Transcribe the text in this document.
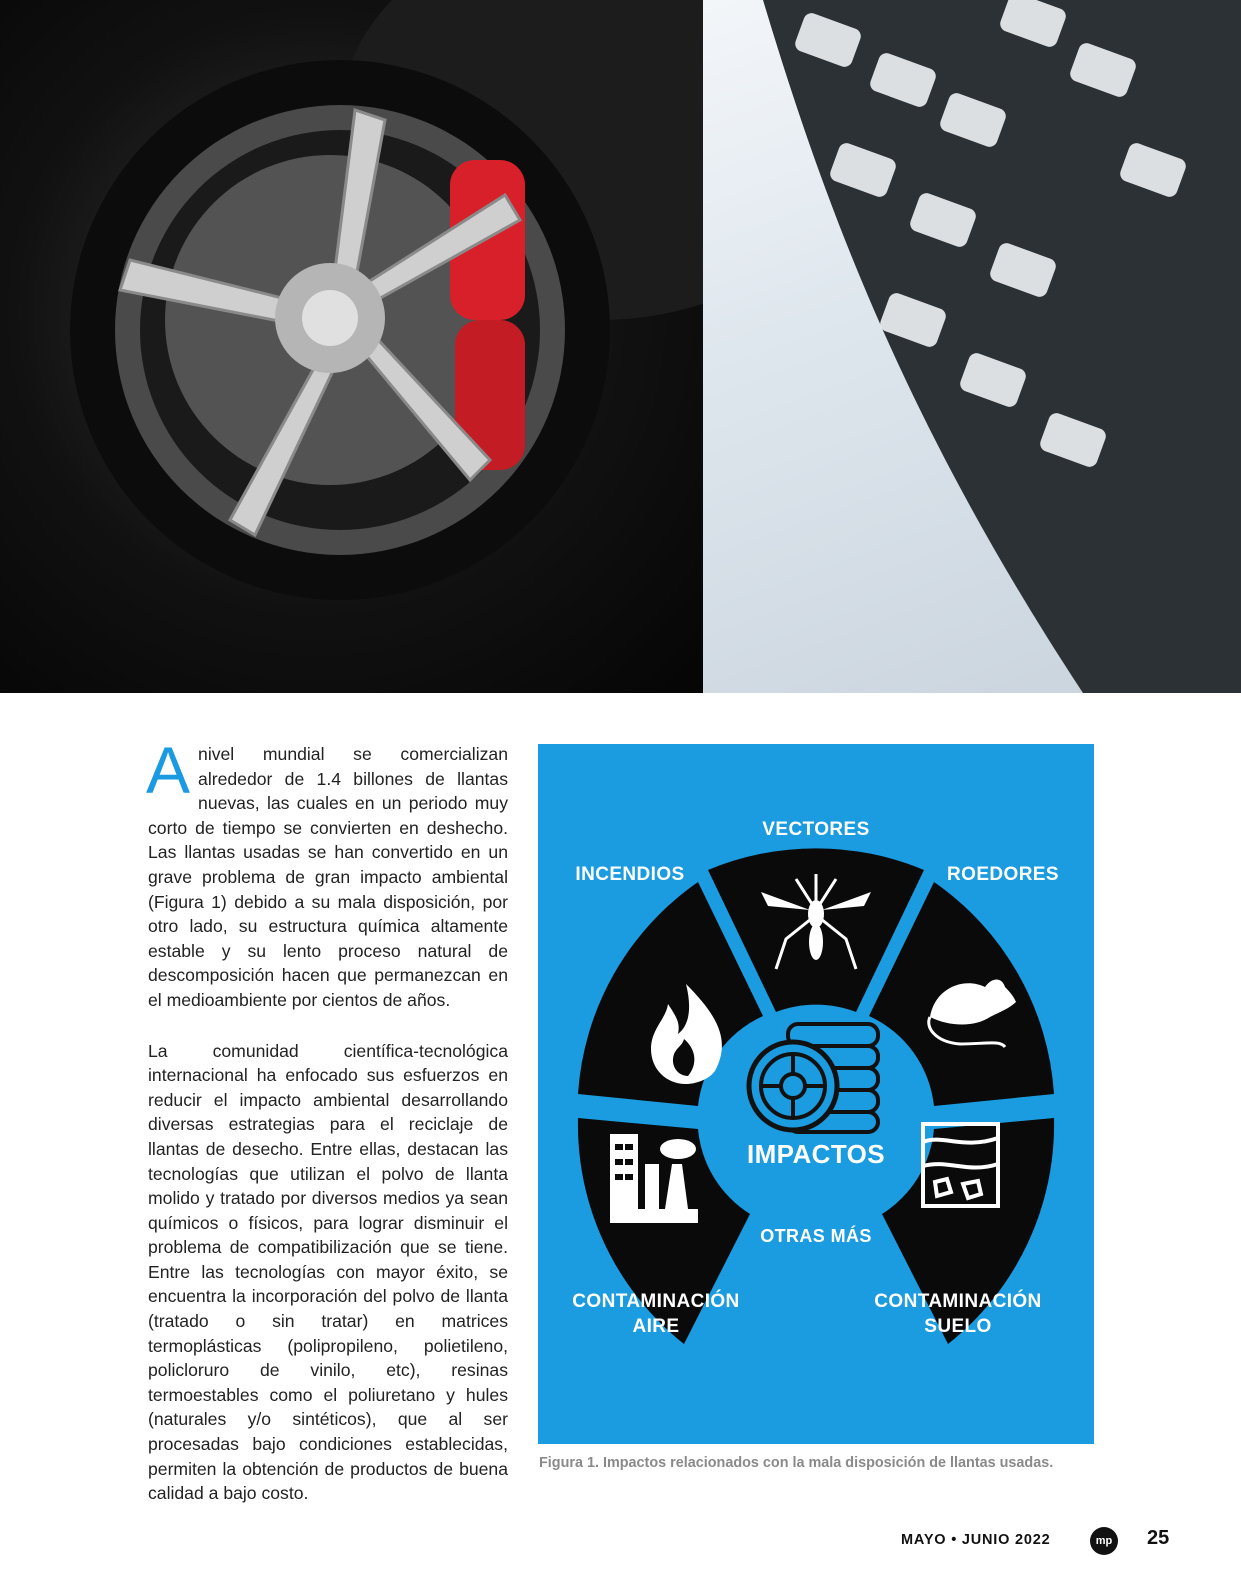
Anivel mundial se comercializan alrededor de 1.4 billones de llantas nuevas, las cuales en un periodo muy corto de tiempo se convierten en deshecho. Las llantas usadas se han convertido en un grave problema de gran impacto ambiental (Figura 1) debido a su mala disposición, por otro lado, su estructura química altamente estable y su lento proceso natural de descomposición hacen que permanezcan en el medioambiente por cientos de años.

La comunidad científica-tecnológica internacional ha enfocado sus esfuerzos en reducir el impacto ambiental desarrollando diversas estrategias para el reciclaje de llantas de desecho. Entre ellas, destacan las tecnologías que utilizan el polvo de llanta molido y tratado por diversos medios ya sean químicos o físicos, para lograr disminuir el problema de compatibilización que se tiene. Entre las tecnologías con mayor éxito, se encuentra la incorporación del polvo de llanta (tratado o sin tratar) en matrices termoplásticas (polipropileno, polietileno, policloruro de vinilo, etc), resinas termoestables como el poliuretano y hules (naturales y/o sintéticos), que al ser procesadas bajo condiciones establecidas, permiten la obtención de productos de buena calidad a bajo costo.

VECTORES
INCENDIOS	ROEDORES
IMPACTOS
OTRAS MÁS
CONTAMINACIÓN
AIRE
CONTAMINACIÓN
SUELO
Figura 1. Impactos relacionados con la mala disposición de llantas usadas.
MAYO • JUNIO 2022	mp 25
